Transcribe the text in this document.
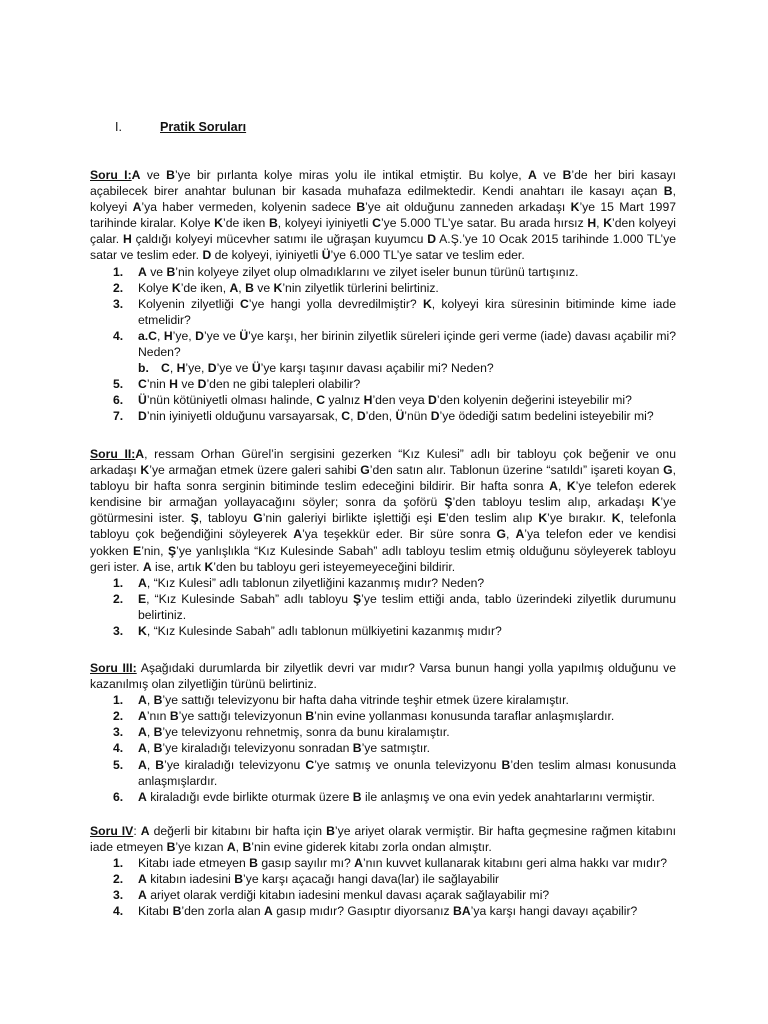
I.	Pratik Soruları

Soru I:A ve B’ye bir pırlanta kolye miras yolu ile intikal etmiştir. Bu kolye, A ve B’de her biri kasayı açabilecek birer anahtar bulunan bir kasada muhafaza edilmektedir. Kendi anahtarı ile kasayı açan B, kolyeyi A’ya haber vermeden, kolyenin sadece B’ye ait olduğunu zanneden arkadaşı K’ye 15 Mart 1997 tarihinde kiralar. Kolye K’de iken B, kolyeyi iyiniyetli C’ye 5.000 TL’ye satar. Bu arada hırsız H, K’den kolyeyi çalar. H çaldığı kolyeyi mücevher satımı ile uğraşan kuyumcu D A.Ş.’ye 10 Ocak 2015 tarihinde 1.000 TL’ye satar ve teslim eder. D de kolyeyi, iyiniyetli Ü’ye 6.000 TL’ye satar ve teslim eder.

1. A ve B’nin kolyeye zilyet olup olmadıklarını ve zilyet iseler bunun türünü tartışınız.
2. Kolye K’de iken, A, B ve K’nin zilyetlik türlerini belirtiniz.
3. Kolyenin zilyetliği C’ye hangi yolla devredilmiştir? K, kolyeyi kira süresinin bitiminde kime iade etmelidir?
4. a.C, H’ye, D’ye ve Ü’ye karşı, her birinin zilyetlik süreleri içinde geri verme (iade) davası açabilir mi? Neden?
b. C, H’ye, D’ye ve Ü’ye karşı taşınır davası açabilir mi? Neden?
5. C’nin H ve D’den ne gibi talepleri olabilir?
6. Ü’nün kötüniyetli olması halinde, C yalnız H’den veya D’den kolyenin değerini isteyebilir mi?
7. D’nin iyiniyetli olduğunu varsayarsak, C, D’den, Ü’nün D’ye ödediği satım bedelini isteyebilir mi?

Soru II:A, ressam Orhan Gürel’in sergisini gezerken “Kız Kulesi” adlı bir tabloyu çok beğenir ve onu arkadaşı K’ye armağan etmek üzere galeri sahibi G’den satın alır. Tablonun üzerine “satıldı” işareti koyan G, tabloyu bir hafta sonra serginin bitiminde teslim edeceğini bildirir. Bir hafta sonra A, K’ye telefon ederek kendisine bir armağan yollayacağını söyler; sonra da şoförü Ş’den tabloyu teslim alıp, arkadaşı K’ye götürmesini ister. Ş, tabloyu G’nin galeriyi birlikte işlettiği eşi E’den teslim alıp K’ye bırakır. K, telefonla tabloyu çok beğendiğini söyleyerek A’ya teşekkür eder. Bir süre sonra G, A’ya telefon eder ve kendisi yokken E’nin, Ş’ye yanlışlıkla “Kız Kulesinde Sabah” adlı tabloyu teslim etmiş olduğunu söyleyerek tabloyu geri ister. A ise, artık K’den bu tabloyu geri isteyemeyeceğini bildirir.

1. A, “Kız Kulesi” adlı tablonun zilyetliğini kazanmış mıdır? Neden?
2. E, “Kız Kulesinde Sabah” adlı tabloyu Ş’ye teslim ettiği anda, tablo üzerindeki zilyetlik durumunu belirtiniz.
3. K, “Kız Kulesinde Sabah” adlı tablonun mülkiyetini kazanmış mıdır?

Soru III: Aşağıdaki durumlarda bir zilyetlik devri var mıdır? Varsa bunun hangi yolla yapılmış olduğunu ve kazanılmış olan zilyetliğin türünü belirtiniz.

1. A, B’ye sattığı televizyonu bir hafta daha vitrinde teşhir etmek üzere kiralamıştır.
2. A’nın B’ye sattığı televizyonun B’nin evine yollanması konusunda taraflar anlaşmışlardır.
3. A, B’ye televizyonu rehnetmiş, sonra da bunu kiralamıştır.
4. A, B’ye kiraladığı televizyonu sonradan B’ye satmıştır.
5. A, B’ye kiraladığı televizyonu C’ye satmış ve onunla televizyonu B’den teslim alması konusunda anlaşmışlardır.
6. A kiraladığı evde birlikte oturmak üzere B ile anlaşmış ve ona evin yedek anahtarlarını vermiştir.

Soru IV: A değerli bir kitabını bir hafta için B’ye ariyet olarak vermiştir. Bir hafta geçmesine rağmen kitabını iade etmeyen B’ye kızan A, B’nin evine giderek kitabı zorla ondan almıştır.

1. Kitabı iade etmeyen B gasıp sayılır mı? A’nın kuvvet kullanarak kitabını geri alma hakkı var mıdır?
2. A kitabın iadesini B’ye karşı açacağı hangi dava(lar) ile sağlayabilir
3. A ariyet olarak verdiği kitabın iadesini menkul davası açarak sağlayabilir mi?
4. Kitabı B’den zorla alan A gasıp mıdır? Gasıptır diyorsanız BA’ya karşı hangi davayı açabilir?
